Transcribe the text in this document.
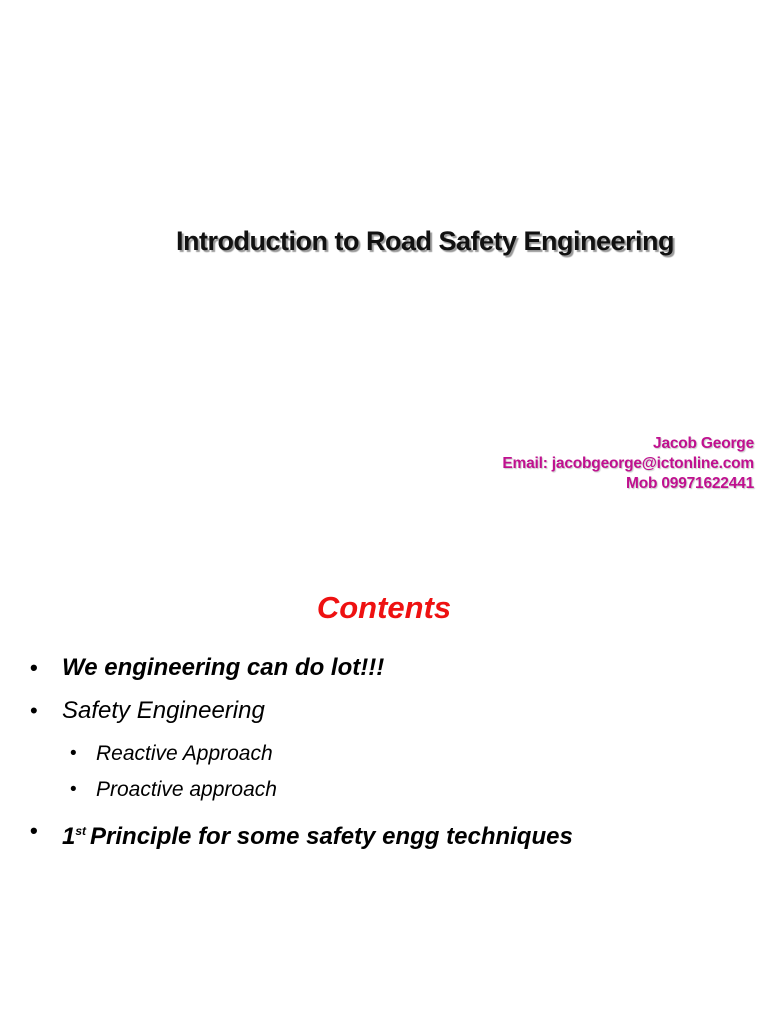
Introduction to Road Safety Engineering
Jacob George
Email: jacobgeorge@ictonline.com
Mob 09971622441
Contents
• We engineering can do lot!!!
• Safety Engineering
• Reactive Approach
• Proactive approach
• 1st Principle for some safety engg techniques
